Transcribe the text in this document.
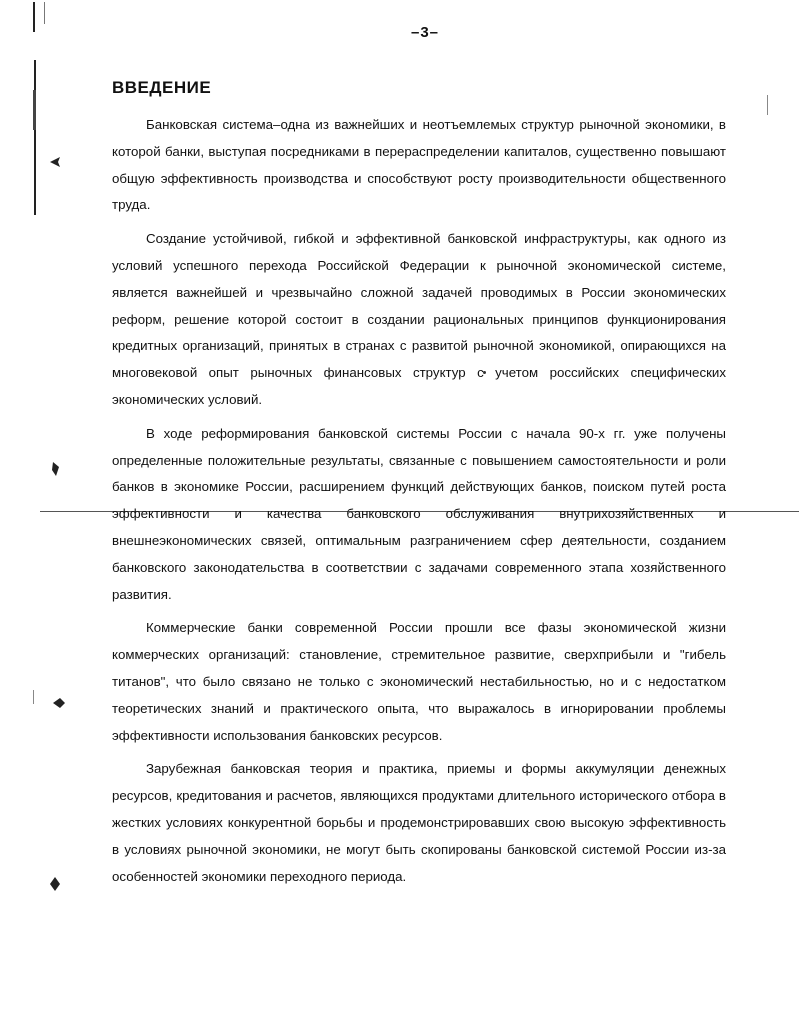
–3–
ВВЕДЕНИЕ

Банковская система–одна из важнейших и неотъемлемых структур рыночной экономики, в которой банки, выступая посредниками в перераспределении капиталов, существенно повышают общую эффективность производства и способствуют росту производительности общественного труда.

Создание устойчивой, гибкой и эффективной банковской инфраструктуры, как одного из условий успешного перехода Российской Федерации к рыночной экономической системе, является важнейшей и чрезвычайно сложной задачей проводимых в России экономических реформ, решение которой состоит в создании рациональных принципов функционирования кредитных организаций, принятых в странах с развитой рыночной экономикой, опирающихся на многовековой опыт рыночных финансовых структур с учетом российских специфических экономических условий.

В ходе реформирования банковской системы России с начала 90-х гг. уже получены определенные положительные результаты, связанные с повышением самостоятельности и роли банков в экономике России, расширением функций действующих банков, поиском путей роста эффективности и качества банковского обслуживания внутрихозяйственных и внешнеэкономических связей, оптимальным разграничением сфер деятельности, созданием банковского законодательства в соответствии с задачами современного этапа хозяйственного развития.

Коммерческие банки современной России прошли все фазы экономической жизни коммерческих организаций: становление, стремительное развитие, сверхприбыли и "гибель титанов", что было связано не только с экономический нестабильностью, но и с недостатком теоретических знаний и практического опыта, что выражалось в игнорировании проблемы эффективности использования банковских ресурсов.

Зарубежная банковская теория и практика, приемы и формы аккумуляции денежных ресурсов, кредитования и расчетов, являющихся продуктами длительного исторического отбора в жестких условиях конкурентной борьбы и продемонстрировавших свою высокую эффективность в условиях рыночной экономики, не могут быть скопированы банковской системой России из-за особенностей экономики переходного периода.
